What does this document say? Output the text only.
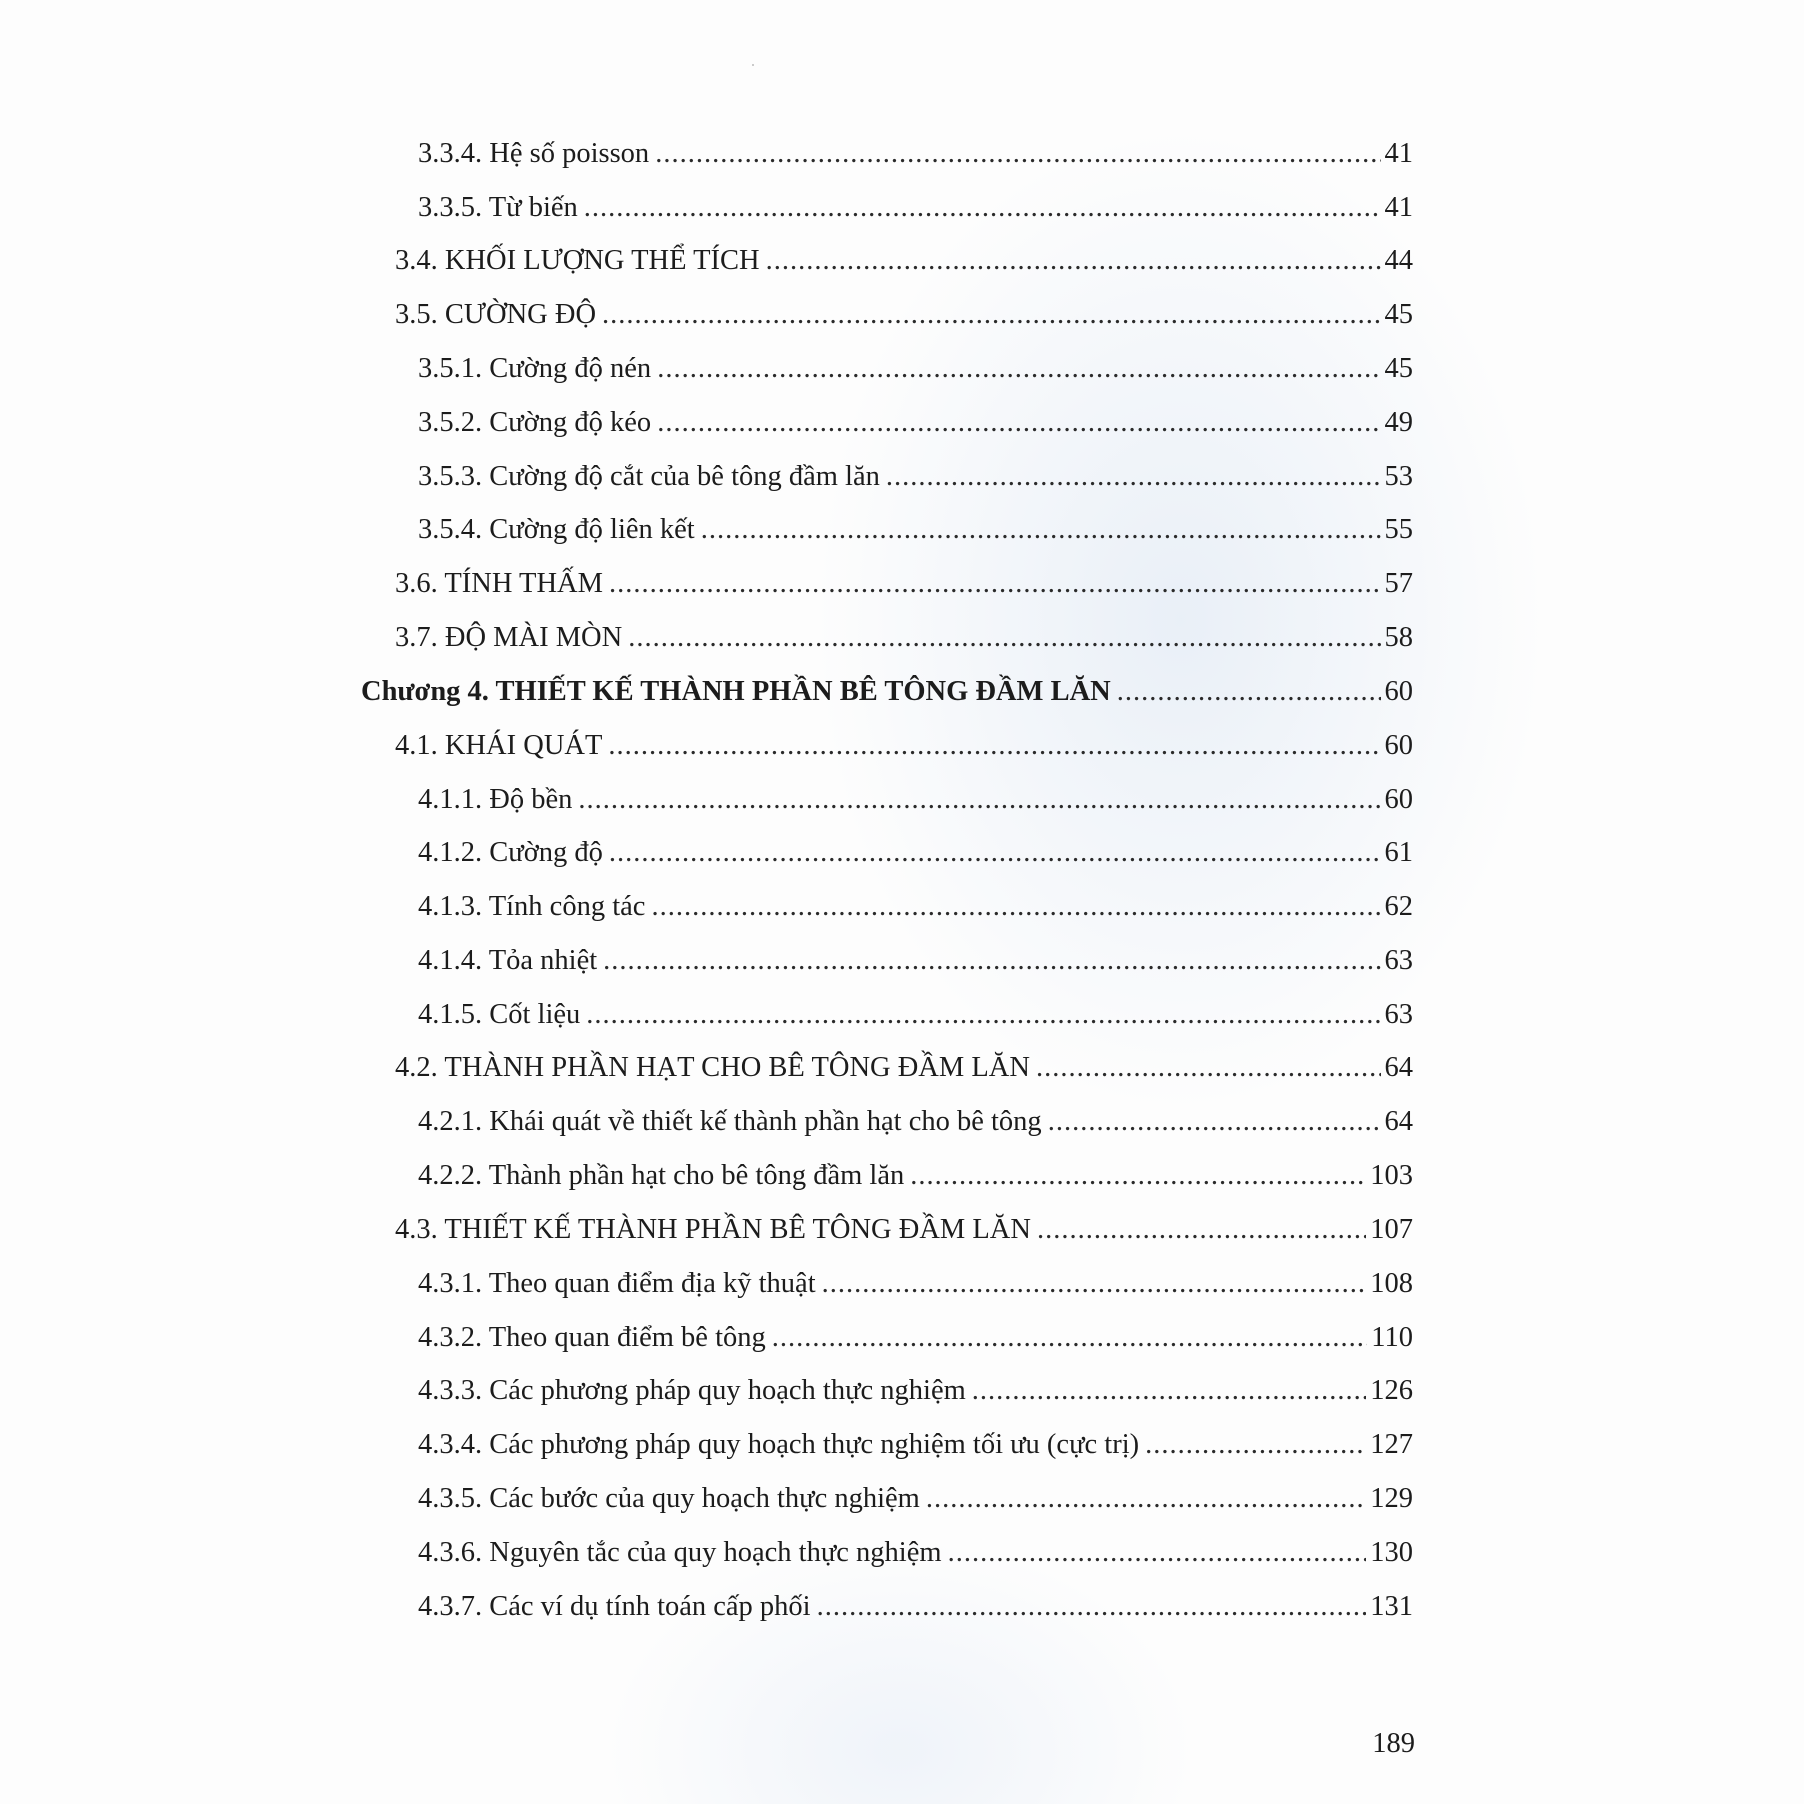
3.3.4. Hệ số poisson .....	41
3.3.5. Từ biến .....	41
3.4. KHỐI LƯỢNG THỂ TÍCH .....	44
3.5. CƯỜNG ĐỘ .....	45
3.5.1. Cường độ nén .....	45
3.5.2. Cường độ kéo .....	49
3.5.3. Cường độ cắt của bê tông đầm lăn .....	53
3.5.4. Cường độ liên kết .....	55
3.6. TÍNH THẤM .....	57
3.7. ĐỘ MÀI MÒN .....	58
Chương 4. THIẾT KẾ THÀNH PHẦN BÊ TÔNG ĐẦM LĂN .....	60
4.1. KHÁI QUÁT .....	60
4.1.1. Độ bền .....	60
4.1.2. Cường độ .....	61
4.1.3. Tính công tác .....	62
4.1.4. Tỏa nhiệt .....	63
4.1.5. Cốt liệu .....	63
4.2. THÀNH PHẦN HẠT CHO BÊ TÔNG ĐẦM LĂN .....	64
4.2.1. Khái quát về thiết kế thành phần hạt cho bê tông .....	64
4.2.2. Thành phần hạt cho bê tông đầm lăn .....	103
4.3. THIẾT KẾ THÀNH PHẦN BÊ TÔNG ĐẦM LĂN .....	107
4.3.1. Theo quan điểm địa kỹ thuật .....	108
4.3.2. Theo quan điểm bê tông .....	110
4.3.3. Các phương pháp quy hoạch thực nghiệm .....	126
4.3.4. Các phương pháp quy hoạch thực nghiệm tối ưu (cực trị) .....	127
4.3.5. Các bước của quy hoạch thực nghiệm .....	129
4.3.6. Nguyên tắc của quy hoạch thực nghiệm .....	130
4.3.7. Các ví dụ tính toán cấp phối .....	131
189
